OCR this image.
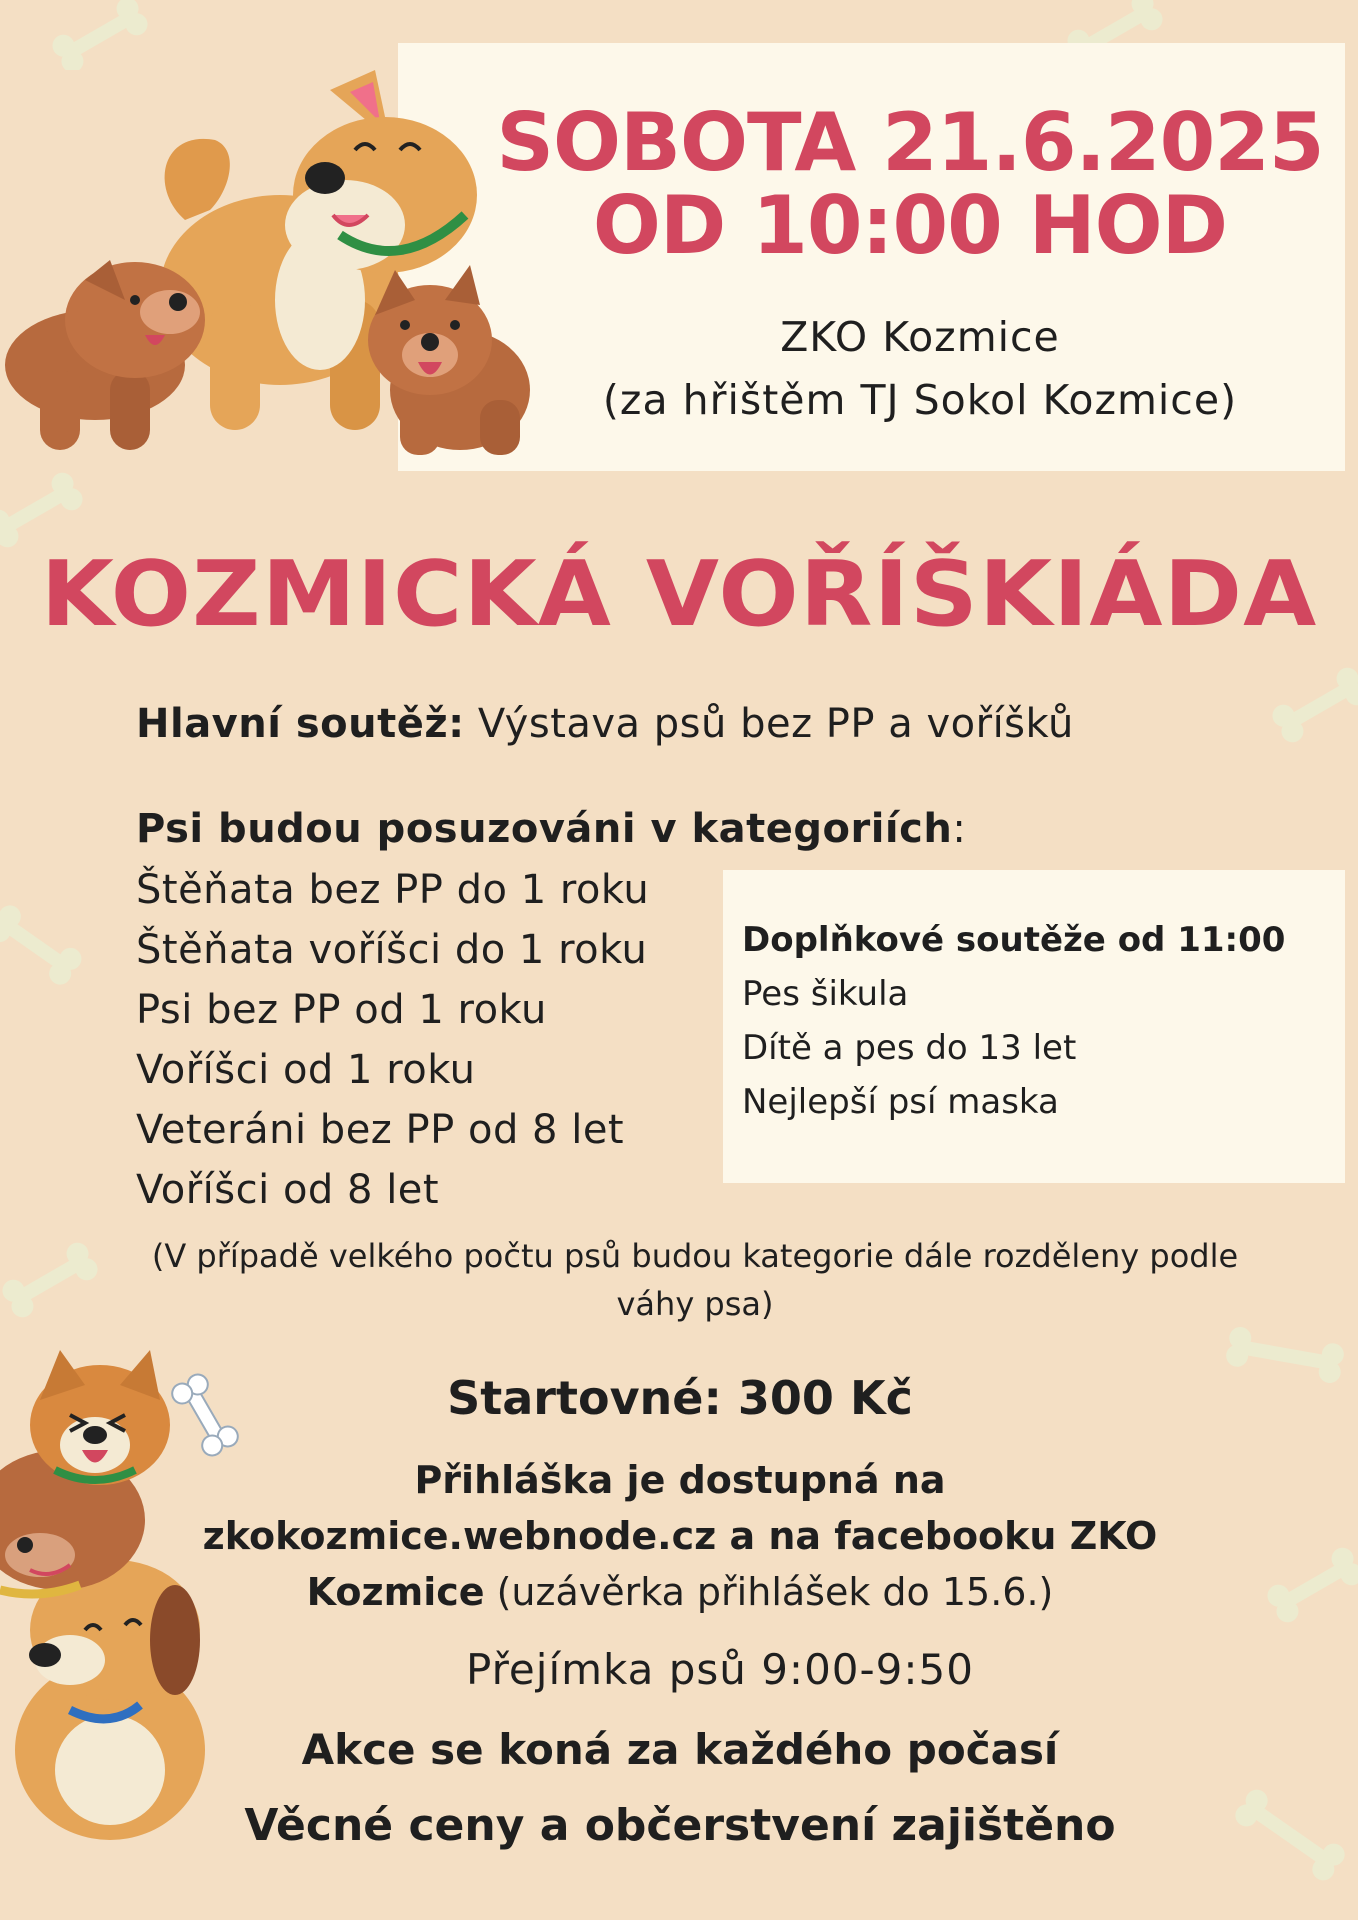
SOBOTA 21.6.2025
OD 10:00 HOD
ZKO Kozmice
(za hřištěm TJ Sokol Kozmice)
KOZMICKÁ VOŘÍŠKIÁDA
Hlavní soutěž: Výstava psů bez PP a voříšků
Psi budou posuzováni v kategoriích:
Štěňata bez PP do 1 roku
Štěňata voříšci do 1 roku
Psi bez PP od 1 roku
Voříšci od 1 roku
Veteráni bez PP od 8 let
Voříšci od 8 let
Doplňkové soutěže od 11:00
Pes šikula
Dítě a pes do 13 let
Nejlepší psí maska
(V případě velkého počtu psů budou kategorie dále rozděleny podle váhy psa)
Startovné: 300 Kč
Přihláška je dostupná na
zkokozmice.webnode.cz a na facebooku ZKO
Kozmice (uzávěrka přihlášek do 15.6.)
Přejímka psů 9:00-9:50
Akce se koná za každého počasí
Věcné ceny a občerstvení zajištěno
